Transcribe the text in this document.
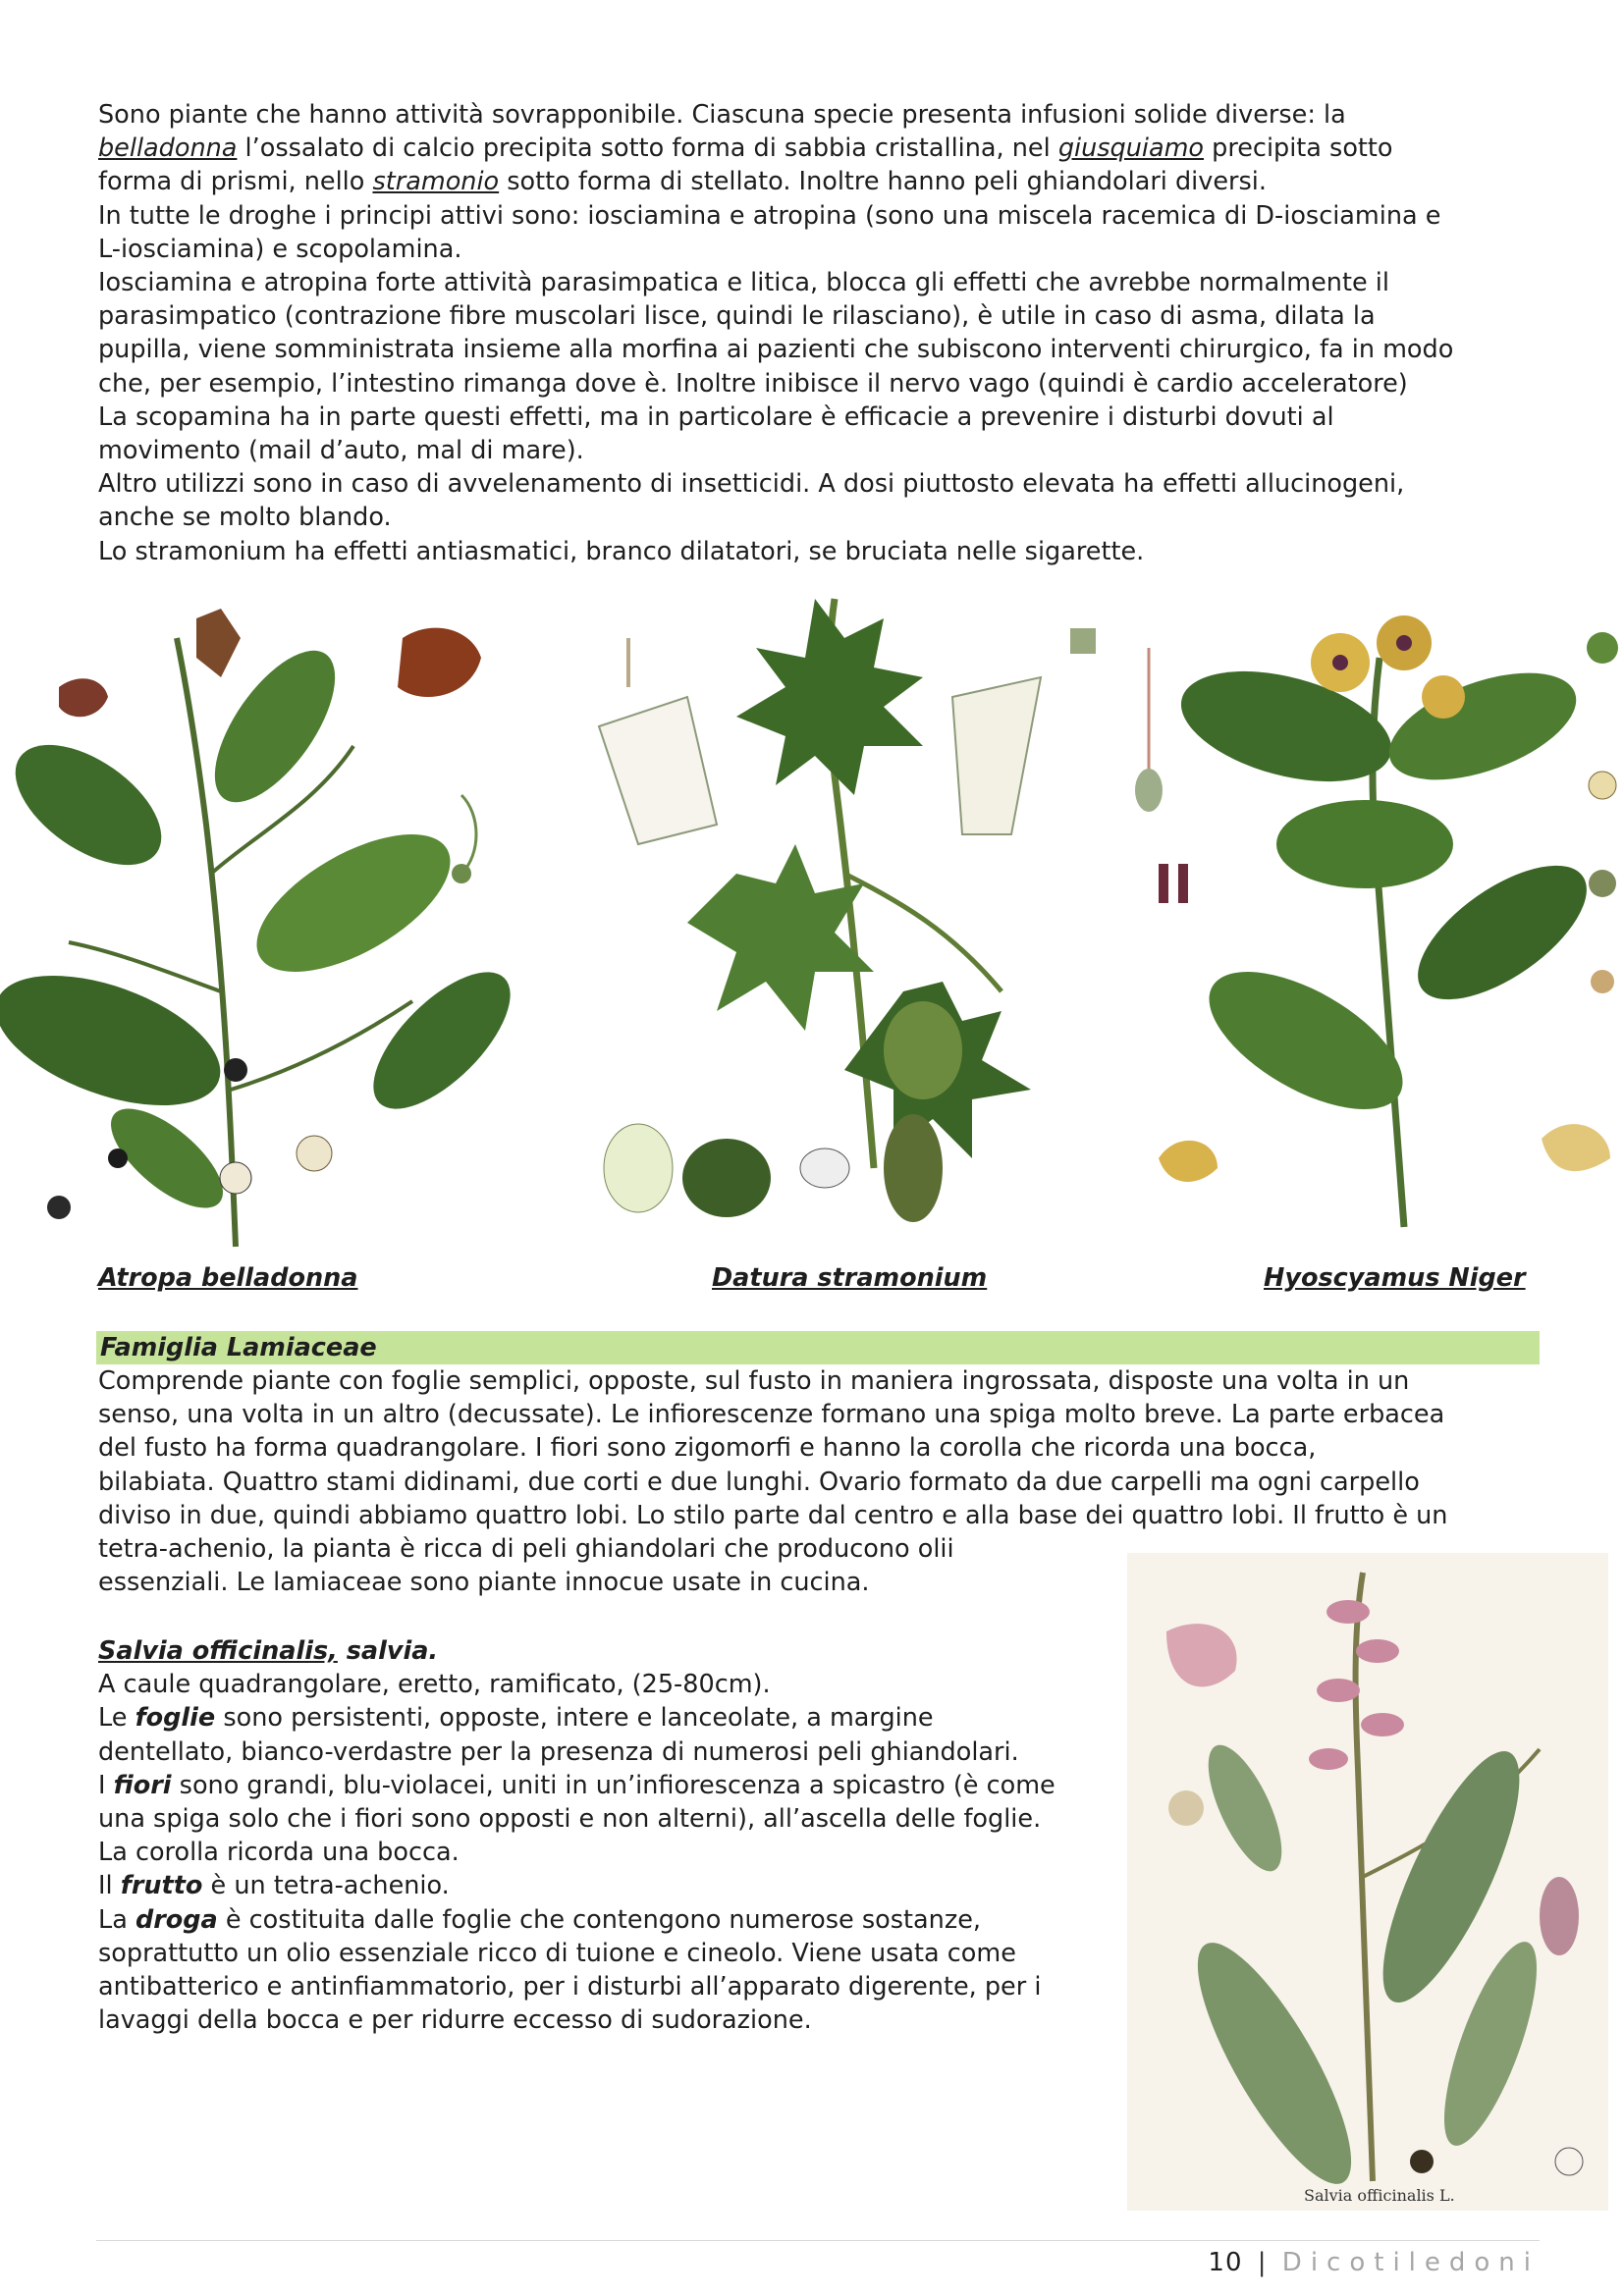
Sono piante che hanno attività sovrapponibile. Ciascuna specie presenta infusioni solide diverse: la

belladonna l’ossalato di calcio precipita sotto forma di sabbia cristallina, nel giusquiamo precipita sotto

forma di prismi, nello stramonio sotto forma di stellato. Inoltre hanno peli ghiandolari diversi.

In tutte le droghe i principi attivi sono: iosciamina e atropina (sono una miscela racemica di D-iosciamina e

L-iosciamina) e scopolamina.

Iosciamina e atropina forte attività parasimpatica e litica, blocca gli effetti che avrebbe normalmente il

parasimpatico (contrazione fibre muscolari lisce, quindi le rilasciano), è utile in caso di asma, dilata la

pupilla, viene somministrata insieme alla morfina ai pazienti che subiscono interventi chirurgico, fa in modo

che, per esempio, l’intestino rimanga dove è. Inoltre inibisce il nervo vago (quindi è cardio acceleratore)

La scopamina ha in parte questi effetti, ma in particolare è efficacie a prevenire i disturbi dovuti al

movimento (mail d’auto, mal di mare).

Altro utilizzi sono in caso di avvelenamento di insetticidi. A dosi piuttosto elevata ha effetti allucinogeni,

anche se molto blando.

Lo stramonium ha effetti antiasmatici, branco dilatatori, se bruciata nelle sigarette.

Atropa belladonna	Datura stramonium	Hyoscyamus Niger
Famiglia Lamiaceae

Comprende piante con foglie semplici, opposte, sul fusto in maniera ingrossata, disposte una volta in un

senso, una volta in un altro (decussate). Le infiorescenze formano una spiga molto breve. La parte erbacea

del fusto ha forma quadrangolare. I fiori sono zigomorfi e hanno la corolla che ricorda una bocca,

bilabiata. Quattro stami didinami, due corti e due lunghi. Ovario formato da due carpelli ma ogni carpello

diviso in due, quindi abbiamo quattro lobi. Lo stilo parte dal centro e alla base dei quattro lobi. Il frutto è un

tetra-achenio, la pianta è ricca di peli ghiandolari che producono olii

essenziali. Le lamiaceae sono piante innocue usate in cucina.

Salvia officinalis, salvia.

A caule quadrangolare, eretto, ramificato, (25-80cm).

Le foglie sono persistenti, opposte, intere e lanceolate, a margine

dentellato, bianco-verdastre per la presenza di numerosi peli ghiandolari.

I fiori sono grandi, blu-violacei, uniti in un’infiorescenza a spicastro (è come

una spiga solo che i fiori sono opposti e non alterni), all’ascella delle foglie.

La corolla ricorda una bocca.

Il frutto è un tetra-achenio.

La droga è costituita dalle foglie che contengono numerose sostanze,

soprattutto un olio essenziale ricco di tuione e cineolo. Viene usata come

antibatterico e antinfiammatorio, per i disturbi all’apparato digerente, per i

lavaggi della bocca e per ridurre eccesso di sudorazione.

Salvia officinalis L.
10 | Dicotiledoni
